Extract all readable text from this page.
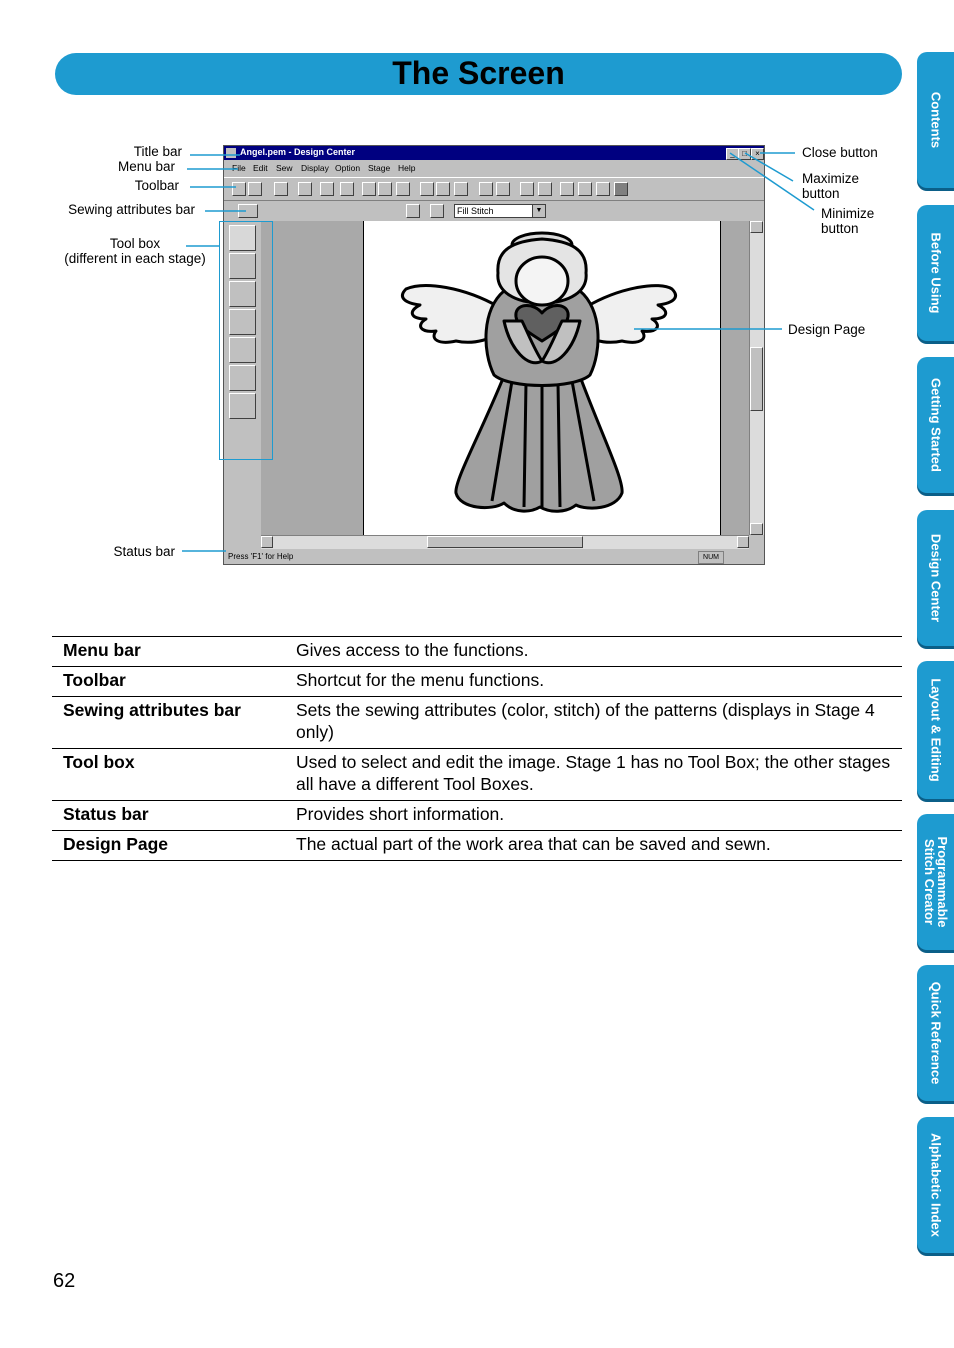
The Screen
Contents
Before Using
Getting Started
Design Center
Layout & Editing
Programmable
Stitch Creator
Quick Reference
Alphabetic Index
Title bar
Menu bar
Toolbar
Sewing attributes bar
Tool box
(different in each stage)
Status bar
Close button
Maximize
button
Minimize
button
Design Page
Angel.pem - Design Center	_ □	×
File Edit Sew Display Option Stage Help
Fill Stitch	▼
Press 'F1' for Help	NUM
Menu bar	Gives access to the functions.
Toolbar	Shortcut for the menu functions.
Sewing attributes bar	Sets the sewing attributes (color, stitch) of the patterns (displays in Stage 4 only)
Tool box	Used to select and edit the image. Stage 1 has no Tool Box; the other stages all have a different Tool Boxes.
Status bar	Provides short information.
Design Page	The actual part of the work area that can be saved and sewn.
62
